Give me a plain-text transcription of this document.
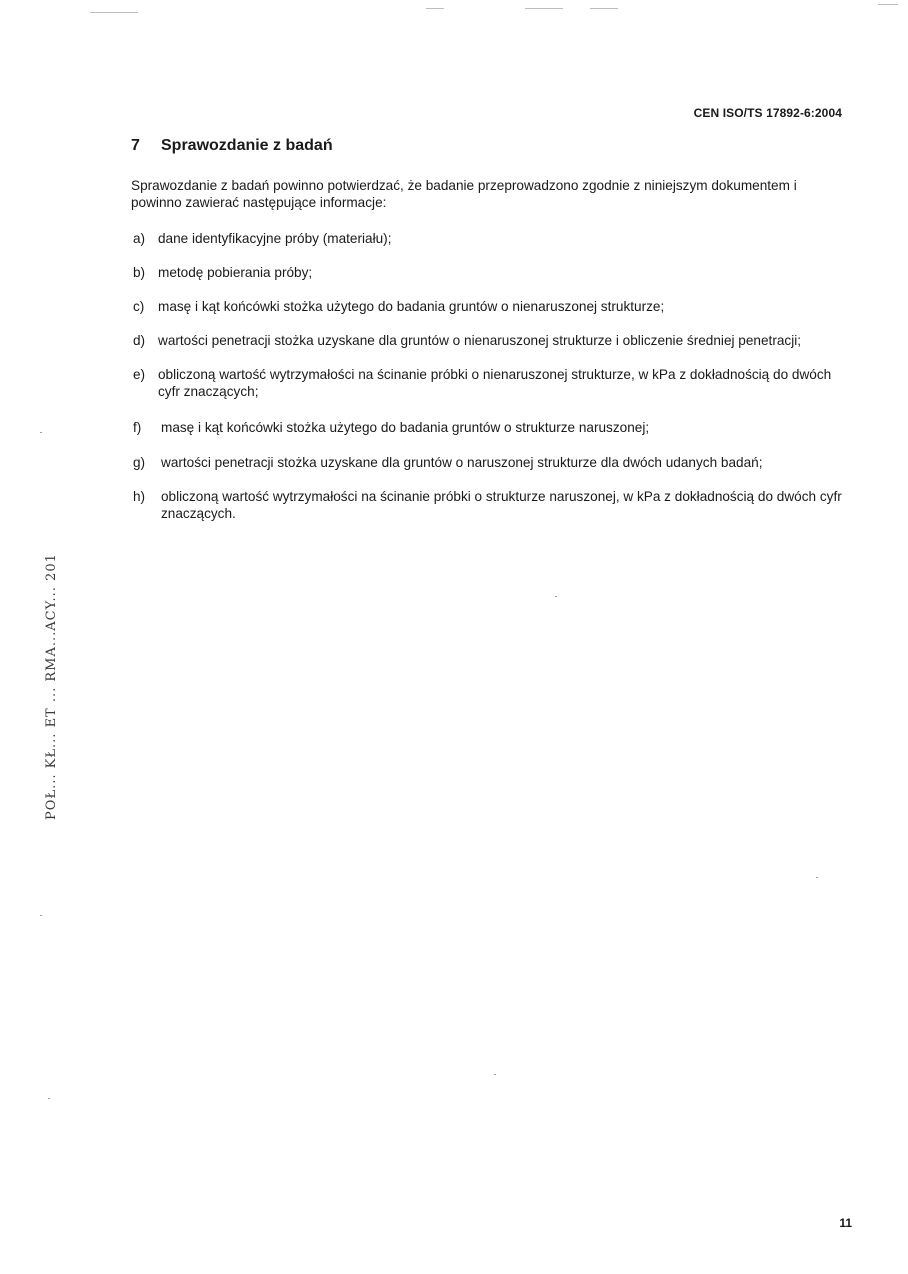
CEN ISO/TS 17892-6:2004
7 Sprawozdanie z badań

Sprawozdanie z badań powinno potwierdzać, że badanie przeprowadzono zgodnie z niniejszym dokumentem i powinno zawierać następujące informacje:

a) dane identyfikacyjne próby (materiału);
b) metodę pobierania próby;
c) masę i kąt końcówki stożka użytego do badania gruntów o nienaruszonej strukturze;
d) wartości penetracji stożka uzyskane dla gruntów o nienaruszonej strukturze i obliczenie średniej penetracji;
e) obliczoną wartość wytrzymałości na ścinanie próbki o nienaruszonej strukturze, w kPa z dokładnością do dwóch cyfr znaczących;
f) masę i kąt końcówki stożka użytego do badania gruntów o strukturze naruszonej;
g) wartości penetracji stożka uzyskane dla gruntów o naruszonej strukturze dla dwóch udanych badań;
h) obliczoną wartość wytrzymałości na ścinanie próbki o strukturze naruszonej, w kPa z dokładnością do dwóch cyfr znaczących.
POŁ... KŁ... ET ... RMA...ACY... 201
11
